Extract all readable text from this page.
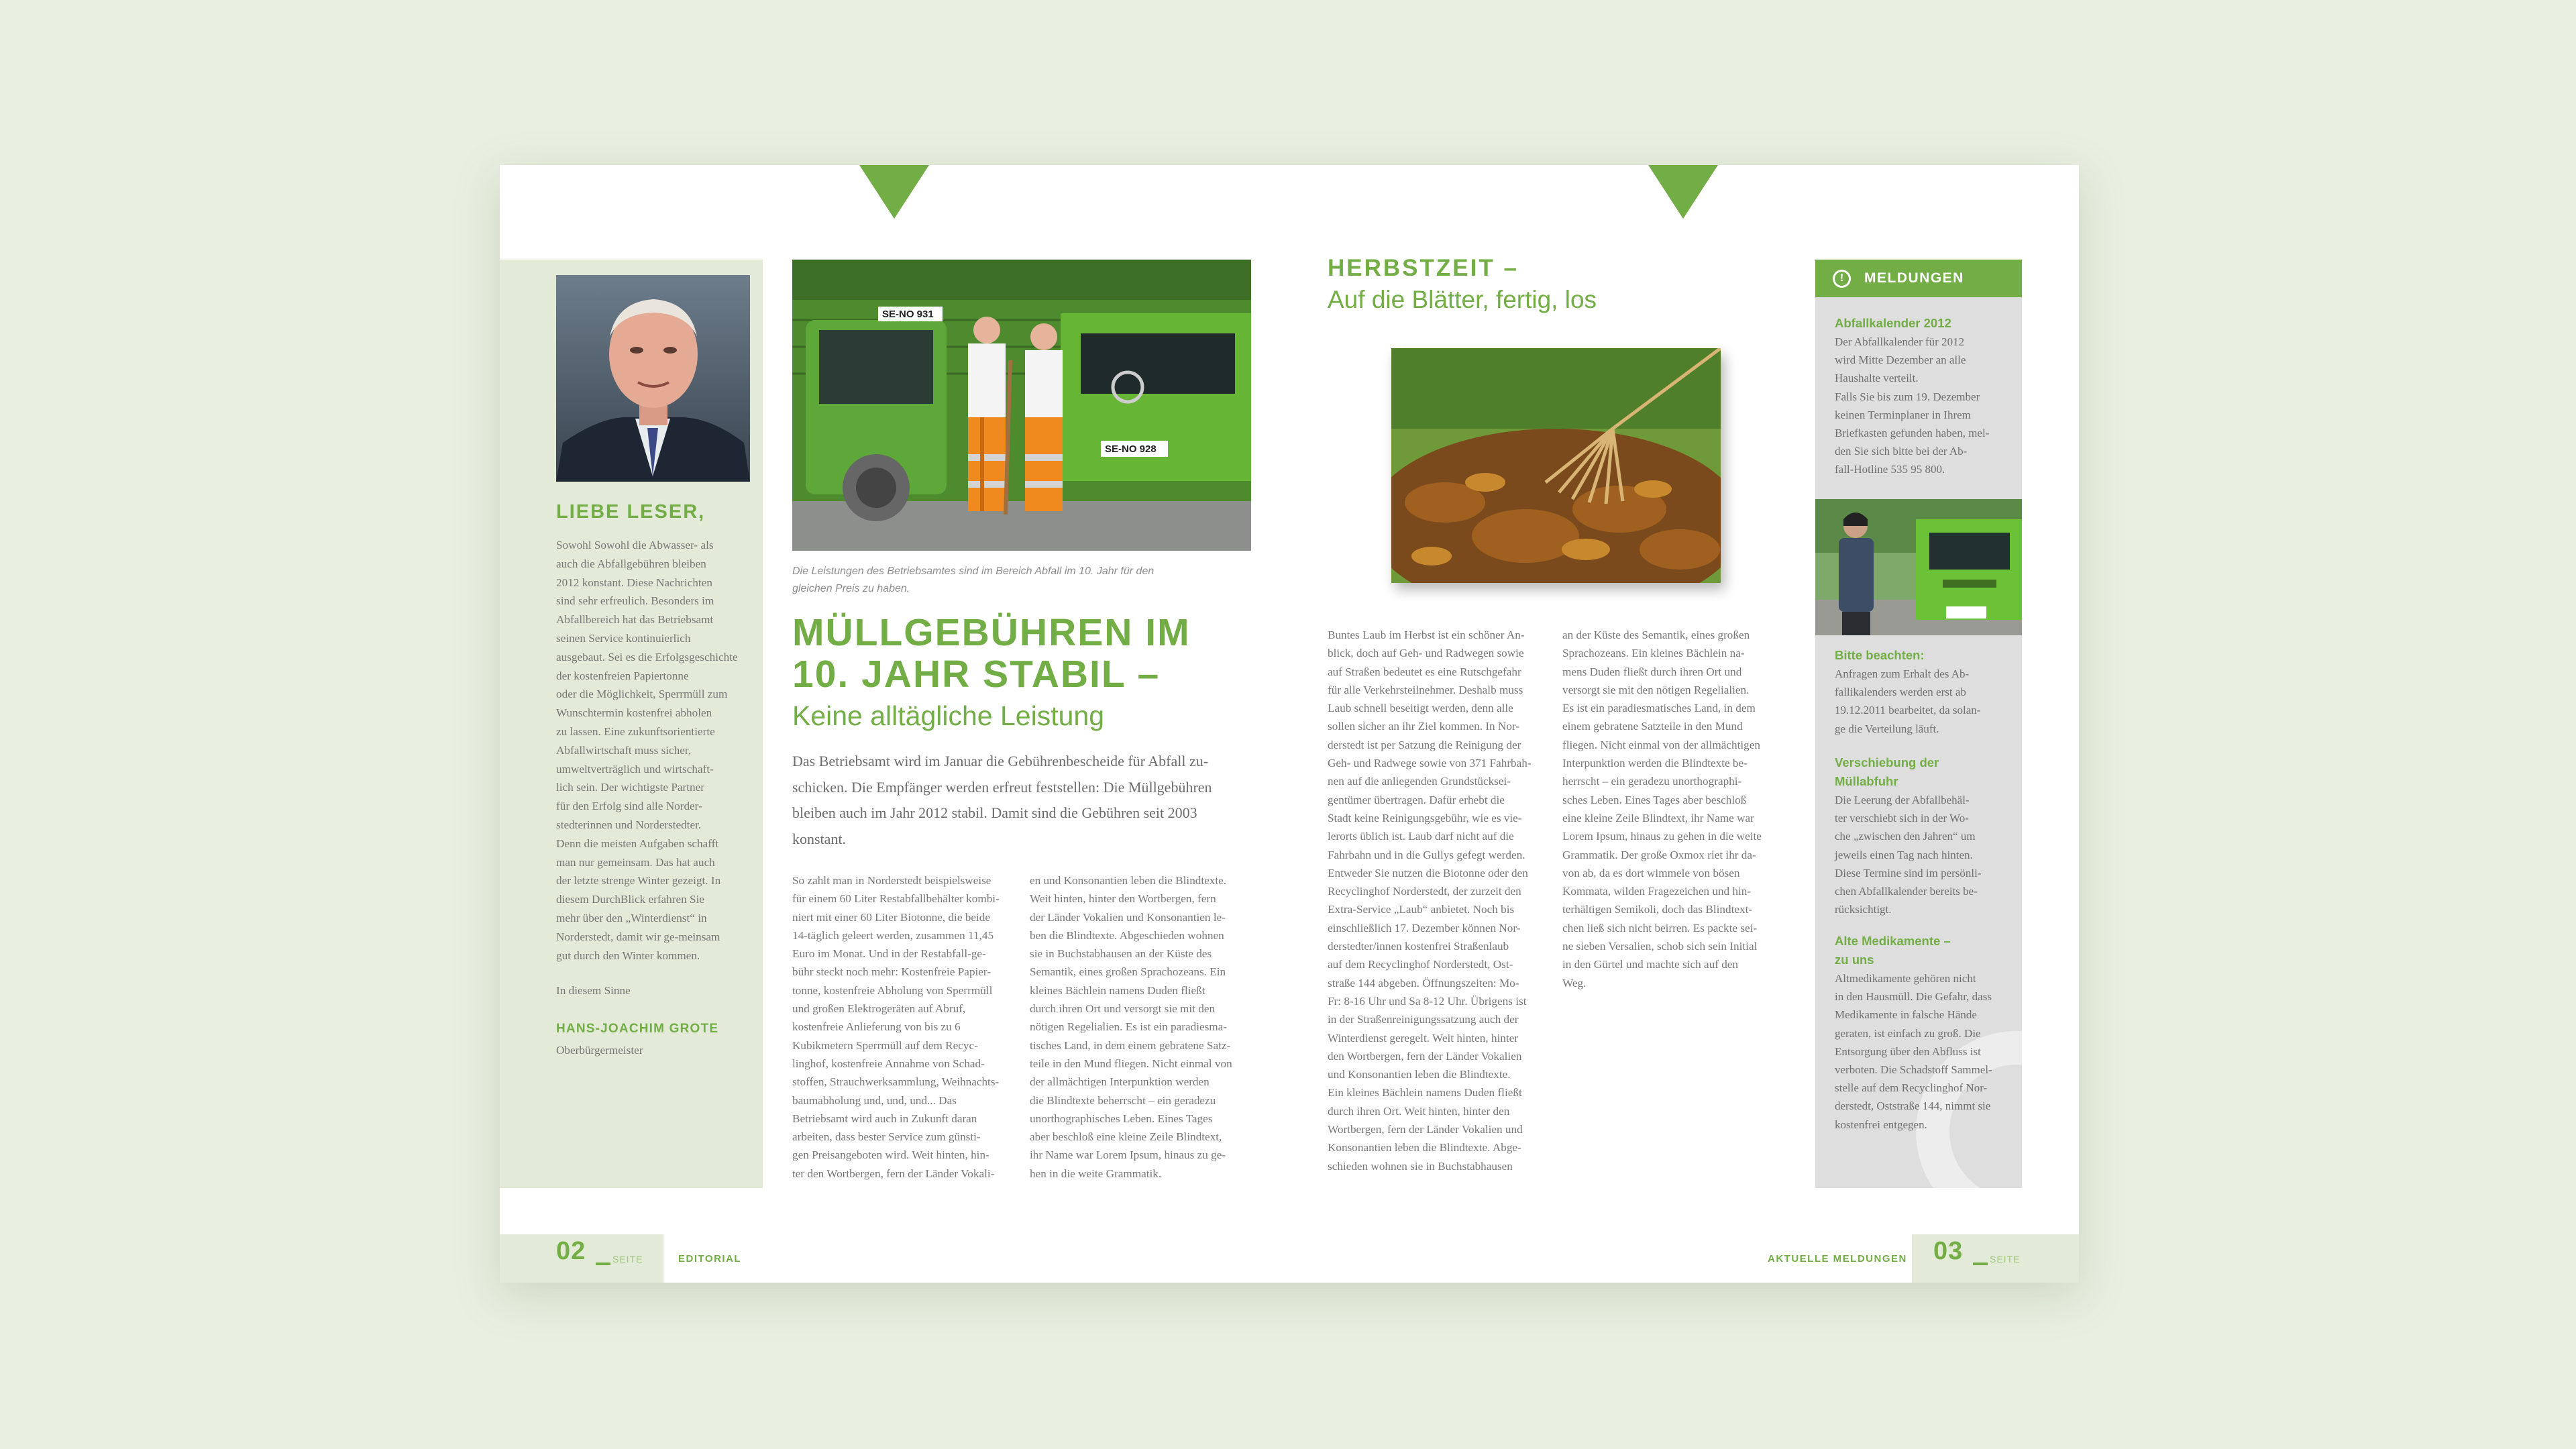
LIEBE LESER,
Sowohl Sowohl die Abwasser- als
auch die Abfallgebühren bleiben
2012 konstant. Diese Nachrichten
sind sehr erfreulich. Besonders im
Abfallbereich hat das Betriebsamt
seinen Service kontinuierlich
ausgebaut. Sei es die Erfolgsgeschichte
der kostenfreien Papiertonne
oder die Möglichkeit, Sperrmüll zum
Wunschtermin kostenfrei abholen
zu lassen. Eine zukunftsorientierte
Abfallwirtschaft muss sicher,
umweltverträglich und wirtschaft-
lich sein. Der wichtigste Partner
für den Erfolg sind alle Norder-
stedterinnen und Norderstedter.
Denn die meisten Aufgaben schafft
man nur gemeinsam. Das hat auch
der letzte strenge Winter gezeigt. In
diesem DurchBlick erfahren Sie
mehr über den „Winterdienst“ in
Norderstedt, damit wir ge-meinsam
gut durch den Winter kommen.
In diesem Sinne
HANS-JOACHIM GROTE
Oberbürgermeister
SE-NO 931
SE-NO 928
Die Leistungen des Betriebsamtes sind im Bereich Abfall im 10. Jahr für den
gleichen Preis zu haben.
MÜLLGEBÜHREN IM
10. JAHR STABIL –
Keine alltägliche Leistung
Das Betriebsamt wird im Januar die Gebührenbescheide für Abfall zu-
schicken. Die Empfänger werden erfreut feststellen: Die Müllgebühren
bleiben auch im Jahr 2012 stabil. Damit sind die Gebühren seit 2003
konstant.
So zahlt man in Norderstedt beispielsweise
für einem 60 Liter Restabfallbehälter kombi-
niert mit einer 60 Liter Biotonne, die beide
14-täglich geleert werden, zusammen 11,45
Euro im Monat. Und in der Restabfall-ge-
bühr steckt noch mehr: Kostenfreie Papier-
tonne, kostenfreie Abholung von Sperrmüll
und großen Elektrogeräten auf Abruf,
kostenfreie Anlieferung von bis zu 6
Kubikmetern Sperrmüll auf dem Recyc-
linghof, kostenfreie Annahme von Schad-
stoffen, Strauchwerksammlung, Weihnachts-
baumabholung und, und, und... Das
Betriebsamt wird auch in Zukunft daran
arbeiten, dass bester Service zum günsti-
gen Preisangeboten wird. Weit hinten, hin-
ter den Wortbergen, fern der Länder Vokali-
en und Konsonantien leben die Blindtexte.
Weit hinten, hinter den Wortbergen, fern
der Länder Vokalien und Konsonantien le-
ben die Blindtexte. Abgeschieden wohnen
sie in Buchstabhausen an der Küste des
Semantik, eines großen Sprachozeans. Ein
kleines Bächlein namens Duden fließt
durch ihren Ort und versorgt sie mit den
nötigen Regelialien. Es ist ein paradiesma-
tisches Land, in dem einem gebratene Satz-
teile in den Mund fliegen. Nicht einmal von
der allmächtigen Interpunktion werden
die Blindtexte beherrscht – ein geradezu
unorthographisches Leben. Eines Tages
aber beschloß eine kleine Zeile Blindtext,
ihr Name war Lorem Ipsum, hinaus zu ge-
hen in die weite Grammatik.
HERBSTZEIT –
Auf die Blätter, fertig, los
Buntes Laub im Herbst ist ein schöner An-
blick, doch auf Geh- und Radwegen sowie
auf Straßen bedeutet es eine Rutschgefahr
für alle Verkehrsteilnehmer. Deshalb muss
Laub schnell beseitigt werden, denn alle
sollen sicher an ihr Ziel kommen. In Nor-
derstedt ist per Satzung die Reinigung der
Geh- und Radwege sowie von 371 Fahrbah-
nen auf die anliegenden Grundstücksei-
gentümer übertragen. Dafür erhebt die
Stadt keine Reinigungsgebühr, wie es vie-
lerorts üblich ist. Laub darf nicht auf die
Fahrbahn und in die Gullys gefegt werden.
Entweder Sie nutzen die Biotonne oder den
Recyclinghof Norderstedt, der zurzeit den
Extra-Service „Laub“ anbietet. Noch bis
einschließlich 17. Dezember können Nor-
derstedter/innen kostenfrei Straßenlaub
auf dem Recyclinghof Norderstedt, Ost-
straße 144 abgeben. Öffnungszeiten: Mo-
Fr: 8-16 Uhr und Sa 8-12 Uhr. Übrigens ist
in der Straßenreinigungssatzung auch der
Winterdienst geregelt. Weit hinten, hinter
den Wortbergen, fern der Länder Vokalien
und Konsonantien leben die Blindtexte.
Ein kleines Bächlein namens Duden fließt
durch ihren Ort. Weit hinten, hinter den
Wortbergen, fern der Länder Vokalien und
Konsonantien leben die Blindtexte. Abge-
schieden wohnen sie in Buchstabhausen
an der Küste des Semantik, eines großen
Sprachozeans. Ein kleines Bächlein na-
mens Duden fließt durch ihren Ort und
versorgt sie mit den nötigen Regelialien.
Es ist ein paradiesmatisches Land, in dem
einem gebratene Satzteile in den Mund
fliegen. Nicht einmal von der allmächtigen
Interpunktion werden die Blindtexte be-
herrscht – ein geradezu unorthographi-
sches Leben. Eines Tages aber beschloß
eine kleine Zeile Blindtext, ihr Name war
Lorem Ipsum, hinaus zu gehen in die weite
Grammatik. Der große Oxmox riet ihr da-
von ab, da es dort wimmele von bösen
Kommata, wilden Fragezeichen und hin-
terhältigen Semikoli, doch das Blindtext-
chen ließ sich nicht beirren. Es packte sei-
ne sieben Versalien, schob sich sein Initial
in den Gürtel und machte sich auf den
Weg.
!	MELDUNGEN
Abfallkalender 2012
Der Abfallkalender für 2012
wird Mitte Dezember an alle
Haushalte verteilt.
Falls Sie bis zum 19. Dezember
keinen Terminplaner in Ihrem
Briefkasten gefunden haben, mel-
den Sie sich bitte bei der Ab-
fall-Hotline 535 95 800.
Bitte beachten:
Anfragen zum Erhalt des Ab-
fallikalenders werden erst ab
19.12.2011 bearbeitet, da solan-
ge die Verteilung läuft.
Verschiebung der
Müllabfuhr
Die Leerung der Abfallbehäl-
ter verschiebt sich in der Wo-
che „zwischen den Jahren“ um
jeweils einen Tag nach hinten.
Diese Termine sind im persönli-
chen Abfallkalender bereits be-
rücksichtigt.
Alte Medikamente –
zu uns
Altmedikamente gehören nicht
in den Hausmüll. Die Gefahr, dass
Medikamente in falsche Hände
geraten, ist einfach zu groß. Die
Entsorgung über den Abfluss ist
verboten. Die Schadstoff Sammel-
stelle auf dem Recyclinghof Nor-
derstedt, Oststraße 144, nimmt sie
kostenfrei entgegen.
02	SEITE	EDITORIAL	AKTUELLE MELDUNGEN 03	SEITE
